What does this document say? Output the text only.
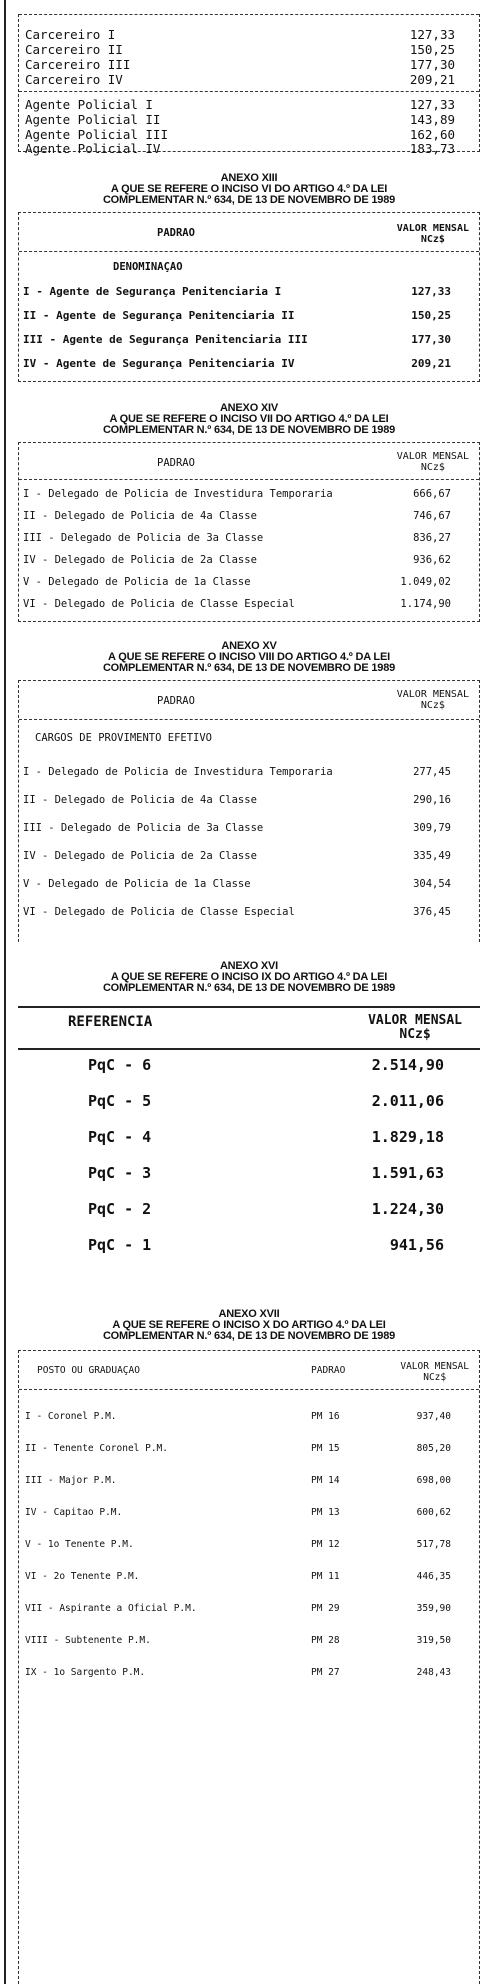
Carcereiro I	127,33
Carcereiro II	150,25
Carcereiro III	177,30
Carcereiro IV	209,21
Agente Policial I	127,33
Agente Policial II	143,89
Agente Policial III	162,60
Agente Policial IV	183,73
ANEXO XIII
A QUE SE REFERE O INCISO VI DO ARTIGO 4.º DA LEI
COMPLEMENTAR N.º 634, DE 13 DE NOVEMBRO DE 1989
PADRAO	VALOR MENSAL
NCz$
DENOMINAÇAO
I - Agente de Segurança Penitenciaria I	127,33
II - Agente de Segurança Penitenciaria II	150,25
III - Agente de Segurança Penitenciaria III	177,30
IV - Agente de Segurança Penitenciaria IV	209,21
ANEXO XIV
A QUE SE REFERE O INCISO VII DO ARTIGO 4.º DA LEI
COMPLEMENTAR N.º 634, DE 13 DE NOVEMBRO DE 1989
PADRAO
VALOR MENSAL
NCz$
I - Delegado de Policia de Investidura Temporaria	666,67
II - Delegado de Policia de 4a Classe	746,67
III - Delegado de Policia de 3a Classe	836,27
IV - Delegado de Policia de 2a Classe	936,62
V - Delegado de Policia de 1a Classe	1.049,02
VI - Delegado de Policia de Classe Especial	1.174,90
ANEXO XV
A QUE SE REFERE O INCISO VIII DO ARTIGO 4.º DA LEI
COMPLEMENTAR N.º 634, DE 13 DE NOVEMBRO DE 1989
PADRAO
VALOR MENSAL
NCz$
CARGOS DE PROVIMENTO EFETIVO
I - Delegado de Policia de Investidura Temporaria	277,45
II - Delegado de Policia de 4a Classe	290,16
III - Delegado de Policia de 3a Classe	309,79
IV - Delegado de Policia de 2a Classe	335,49
V - Delegado de Policia de 1a Classe	304,54
VI - Delegado de Policia de Classe Especial	376,45
ANEXO XVI
A QUE SE REFERE O INCISO IX DO ARTIGO 4.º DA LEI
COMPLEMENTAR N.º 634, DE 13 DE NOVEMBRO DE 1989
REFERENCIA	VALOR MENSAL
NCz$
PqC - 6	2.514,90
PqC - 5	2.011,06
PqC - 4	1.829,18
PqC - 3	1.591,63
PqC - 2	1.224,30
PqC - 1	941,56
ANEXO XVII
A QUE SE REFERE O INCISO X DO ARTIGO 4.º DA LEI
COMPLEMENTAR N.º 634, DE 13 DE NOVEMBRO DE 1989
POSTO OU GRADUAÇAO	PADRAO	VALOR MENSAL
NCz$
I - Coronel P.M.	PM 16	937,40
II - Tenente Coronel P.M.	PM 15	805,20
III - Major P.M.	PM 14	698,00
IV - Capitao P.M.	PM 13	600,62
V - 1o Tenente P.M.	PM 12	517,78
VI - 2o Tenente P.M.	PM 11	446,35
VII - Aspirante a Oficial P.M.	PM 29	359,90
VIII - Subtenente P.M.	PM 28	319,50
IX - 1o Sargento P.M.	PM 27	248,43
